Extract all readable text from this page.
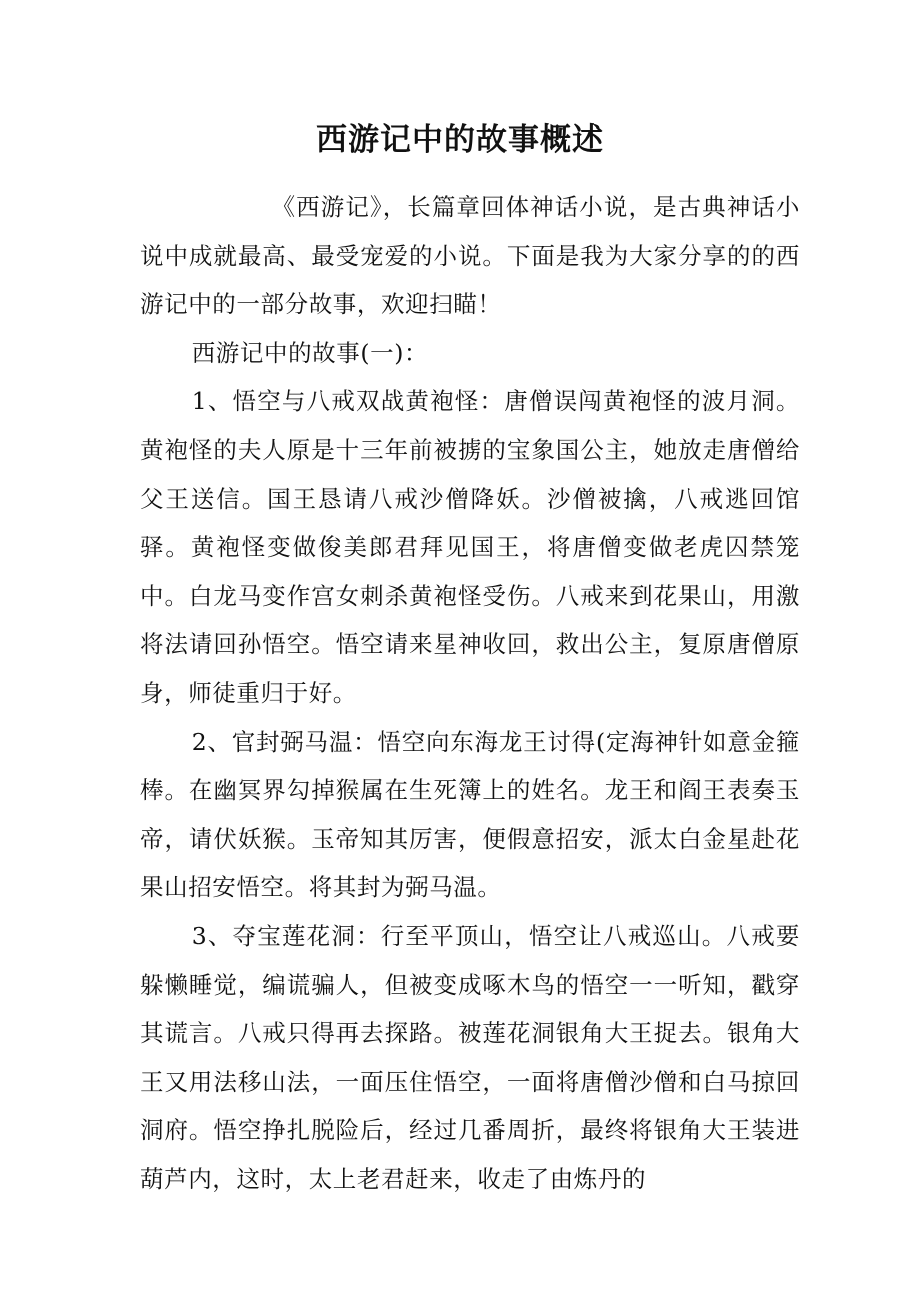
西游记中的故事概述

《西游记》，长篇章回体神话小说，是古典神话小说中成就最高、最受宠爱的小说。下面是我为大家分享的的西游记中的一部分故事，欢迎扫瞄！

西游记中的故事(一)：

1、悟空与八戒双战黄袍怪：唐僧误闯黄袍怪的波月洞。黄袍怪的夫人原是十三年前被掳的宝象国公主，她放走唐僧给父王送信。国王恳请八戒沙僧降妖。沙僧被擒，八戒逃回馆驿。黄袍怪变做俊美郎君拜见国王，将唐僧变做老虎囚禁笼中。白龙马变作宫女刺杀黄袍怪受伤。八戒来到花果山，用激将法请回孙悟空。悟空请来星神收回，救出公主，复原唐僧原身，师徒重归于好。

2、官封弼马温：悟空向东海龙王讨得(定海神针如意金箍棒。在幽冥界勾掉猴属在生死簿上的姓名。龙王和阎王表奏玉帝，请伏妖猴。玉帝知其厉害，便假意招安，派太白金星赴花果山招安悟空。将其封为弼马温。

3、夺宝莲花洞：行至平顶山，悟空让八戒巡山。八戒要躲懒睡觉，编谎骗人，但被变成啄木鸟的悟空一一听知，戳穿其谎言。八戒只得再去探路。被莲花洞银角大王捉去。银角大王又用法移山法，一面压住悟空，一面将唐僧沙僧和白马掠回洞府。悟空挣扎脱险后，经过几番周折，最终将银角大王装进葫芦内，这时，太上老君赶来，收走了由炼丹的
